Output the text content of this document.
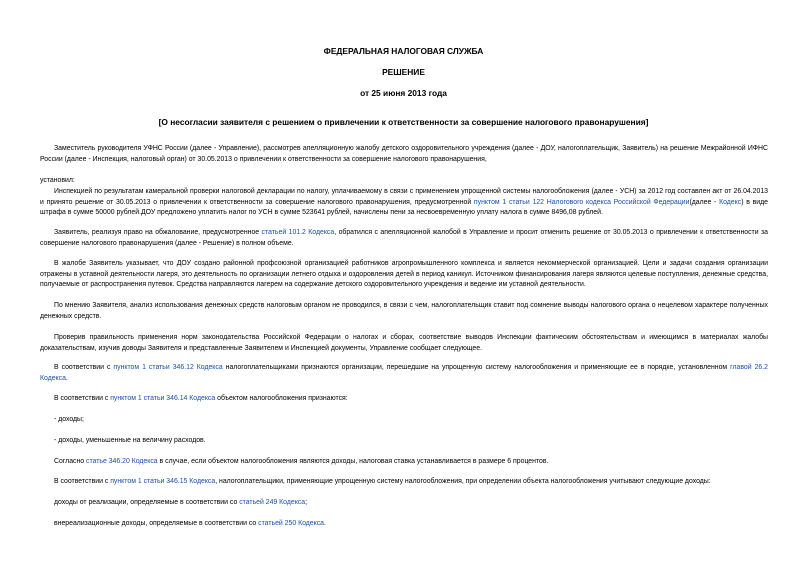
ФЕДЕРАЛЬНАЯ НАЛОГОВАЯ СЛУЖБА
РЕШЕНИЕ
от 25 июня 2013 года
[О несогласии заявителя с решением о привлечении к ответственности за совершение налогового правонарушения]
Заместитель руководителя УФНС России (далее - Управление), рассмотрев апелляционную жалобу детского оздоровительного учреждения (далее - ДОУ, налогоплательщик, Заявитель) на решение Межрайонной ИФНС России (далее - Инспекция, налоговый орган) от 30.05.2013 о привлечении к ответственности за совершение налогового правонарушения,
установил:
Инспекцией по результатам камеральной проверки налоговой декларации по налогу, уплачиваемому в связи с применением упрощенной системы налогообложения (далее - УСН) за 2012 год составлен акт от 26.04.2013 и принято решение от 30.05.2013 о привлечении к ответственности за совершение налогового правонарушения, предусмотренной пунктом 1 статьи 122 Налогового кодекса Российской Федерации(далее - Кодекс) в виде штрафа в сумме 50000 рублей.ДОУ предложено уплатить налог по УСН в сумме 523641 рублей, начислены пени за несвоевременную уплату налога в сумме 8496,08 рублей.
Заявитель, реализуя право на обжалование, предусмотренное статьей 101.2 Кодекса, обратился с апелляционной жалобой в Управление и просит отменить решение от 30.05.2013 о привлечении к ответственности за совершение налогового правонарушения (далее - Решение) в полном объеме.
В жалобе Заявитель указывает, что ДОУ создано районной профсоюзной организацией работников агропромышленного комплекса и является некоммерческой организацией. Цели и задачи создания организации отражены в уставной деятельности лагеря, это деятельность по организации летнего отдыха и оздоровления детей в период каникул. Источником финансирования лагеря являются целевые поступления, денежные средства, получаемые от распространения путевок. Средства направляются лагерем на содержание детского оздоровительного учреждения и ведение им уставной деятельности.
По мнению Заявителя, анализ использования денежных средств налоговым органом не проводился, в связи с чем, налогоплательщик ставит под сомнение выводы налогового органа о нецелевом характере полученных денежных средств.
Проверив правильность применения норм законодательства Российской Федерации о налогах и сборах, соответствие выводов Инспекции фактическим обстоятельствам и имеющимся в материалах жалобы доказательствам, изучив доводы Заявителя и представленные Заявителем и Инспекцией документы, Управление сообщает следующее.
В соответствии с пунктом 1 статьи 346.12 Кодекса налогоплательщиками признаются организации, перешедшие на упрощенную систему налогообложения и применяющие ее в порядке, установленном главой 26.2 Кодекса.
В соответствии с пунктом 1 статьи 346.14 Кодекса объектом налогообложения признаются:
- доходы;
- доходы, уменьшенные на величину расходов.
Согласно статье 346.20 Кодекса в случае, если объектом налогообложения являются доходы, налоговая ставка устанавливается в размере 6 процентов.
В соответствии с пунктом 1 статьи 346.15 Кодекса, налогоплательщики, применяющие упрощенную систему налогообложения, при определении объекта налогообложения учитывают следующие доходы:
доходы от реализации, определяемые в соответствии со статьей 249 Кодекса;
внереализационные доходы, определяемые в соответствии со статьей 250 Кодекса.
